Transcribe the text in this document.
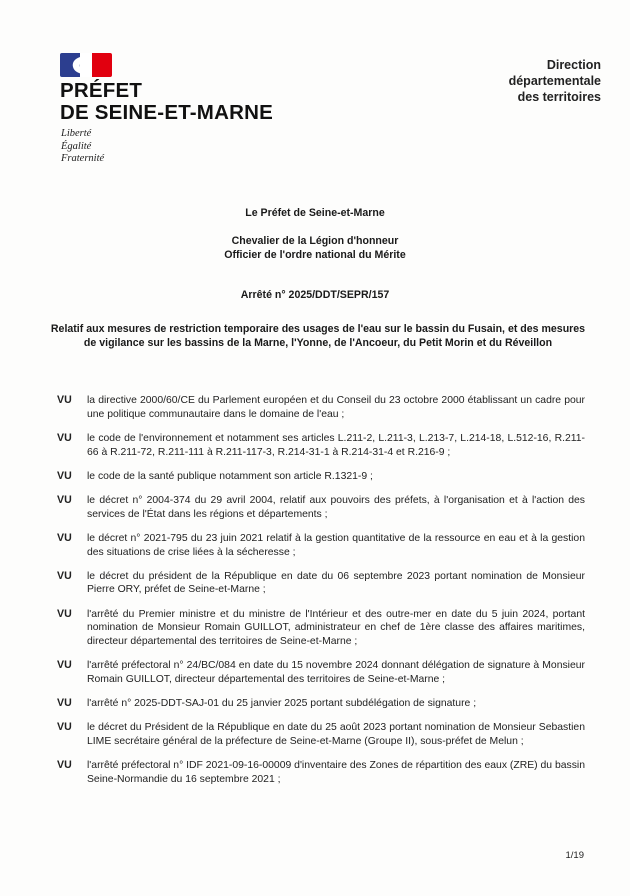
PRÉFET
DE SEINE-ET-MARNE
Liberté
Égalité
Fraternité
Direction
départementale
des territoires
Le Préfet de Seine-et-Marne
Chevalier de la Légion d'honneur
Officier de l'ordre national du Mérite
Arrêté n° 2025/DDT/SEPR/157
Relatif aux mesures de restriction temporaire des usages de l'eau sur le bassin du Fusain, et des mesures de vigilance sur les bassins de la Marne, l'Yonne, de l'Ancoeur, du Petit Morin et du Réveillon
VU la directive 2000/60/CE du Parlement européen et du Conseil du 23 octobre 2000 établissant un cadre pour une politique communautaire dans le domaine de l'eau ;
VU le code de l'environnement et notamment ses articles L.211-2, L.211-3, L.213-7, L.214-18, L.512-16, R.211-66 à R.211-72, R.211-111 à R.211-117-3, R.214-31-1 à R.214-31-4 et R.216-9 ;
VU le code de la santé publique notamment son article R.1321-9 ;
VU le décret n° 2004-374 du 29 avril 2004, relatif aux pouvoirs des préfets, à l'organisation et à l'action des services de l'État dans les régions et départements ;
VU le décret n° 2021-795 du 23 juin 2021 relatif à la gestion quantitative de la ressource en eau et à la gestion des situations de crise liées à la sécheresse ;
VU le décret du président de la République en date du 06 septembre 2023 portant nomination de Monsieur Pierre ORY, préfet de Seine-et-Marne ;
VU l'arrêté du Premier ministre et du ministre de l'Intérieur et des outre-mer en date du 5 juin 2024, portant nomination de Monsieur Romain GUILLOT, administrateur en chef de 1ère classe des affaires maritimes, directeur départemental des territoires de Seine-et-Marne ;
VU l'arrêté préfectoral n° 24/BC/084 en date du 15 novembre 2024 donnant délégation de signature à Monsieur Romain GUILLOT, directeur départemental des territoires de Seine-et-Marne ;
VU l'arrêté n° 2025-DDT-SAJ-01 du 25 janvier 2025 portant subdélégation de signature ;
VU le décret du Président de la République en date du 25 août 2023 portant nomination de Monsieur Sebastien LIME secrétaire général de la préfecture de Seine-et-Marne (Groupe II), sous-préfet de Melun ;
VU l'arrêté préfectoral n° IDF 2021-09-16-00009 d'inventaire des Zones de répartition des eaux (ZRE) du bassin Seine-Normandie du 16 septembre 2021 ;
1/19
